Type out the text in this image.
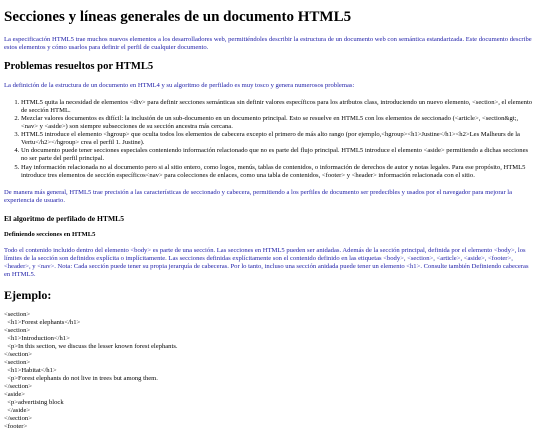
Secciones y líneas generales de un documento HTML5

La especificación HTML5 trae muchos nuevos elementos a los desarrolladores web, permitiéndoles describir la estructura de un documento web con semántica estandarizada. Este documento describe estos elementos y cómo usarlos para definir el perfil de cualquier documento.

Problemas resueltos por HTML5

La definición de la estructura de un documento en HTML4 y su algoritmo de perfilado es muy tosco y genera numerosos problemas:

1. HTML5 quita la necesidad de elementos <div> para definir secciones semánticas sin definir valores específicos para los atributos class, introduciendo un nuevo elemento, <section>, el elemento de sección HTML.
2. Mezclar valores documentos es difícil: la inclusión de un sub-documento en un documento principal. Esto se resuelve en HTML5 con los elementos de seccionado (<article>, <section&gt;, <nav> y <aside>) son siempre subsecciones de su sección ancestra más cercana.
3. HTML5 introduce el elemento <hgroup> que oculta todos los elementos de cabecera excepto el primero de más alto rango (por ejemplo,<hgroup><h1>Justine</h1><h2>Les Malheurs de la Vertu</h2></hgroup> crea el perfil 1. Justine).
4. Un documento puede tener secciones especiales conteniendo información relacionado que no es parte del flujo principal. HTML5 introduce el elemento <aside> permitiendo a dichas secciones no ser parte del perfil principal.
5. Hay información relacionada no al documento pero si al sitio entero, como logos, menús, tablas de contenidos, o información de derechos de autor y notas legales. Para ese propósito, HTML5 introduce tres elementos de sección específicos<nav> para colecciones de enlaces, como una tabla de contenidos, <footer> y <header> información relacionada con el sitio.

De manera más general, HTML5 trae precisión a las características de seccionado y cabecera, permitiendo a los perfiles de documento ser predecibles y usados por el navegador para mejorar la experiencia de usuario.

El algoritmo de perfilado de HTML5
Definiendo secciones en HTML5

Todo el contenido incluido dentro del elemento <body> es parte de una sección. Las secciones en HTML5 pueden ser anidadas. Además de la sección principal, definida por el elemento <body>, los límites de la sección son definidos explícita o implícitamente. Las secciones definidas explícitamente son el contenido definido en las etiquetas <body>, <section>, <article>, <aside>, <footer>, <header>, y <nav>. Nota: Cada sección puede tener su propia jerarquía de cabeceras. Por lo tanto, incluso una sección anidada puede tener un elemento <h1>. Consulte también Definiendo cabeceras en HTML5.

Ejemplo:
<section>
<h1>Forest elephants</h1>
<section>
<h1>Introduction</h1>
<p>In this section, we discuss the lesser known forest elephants.
</section>
<section>
<h1>Habitat</h1>
<p>Forest elephants do not live in trees but among them.
</section>
<aside>
<p>advertising block
</aside>
</section>
<footer>
